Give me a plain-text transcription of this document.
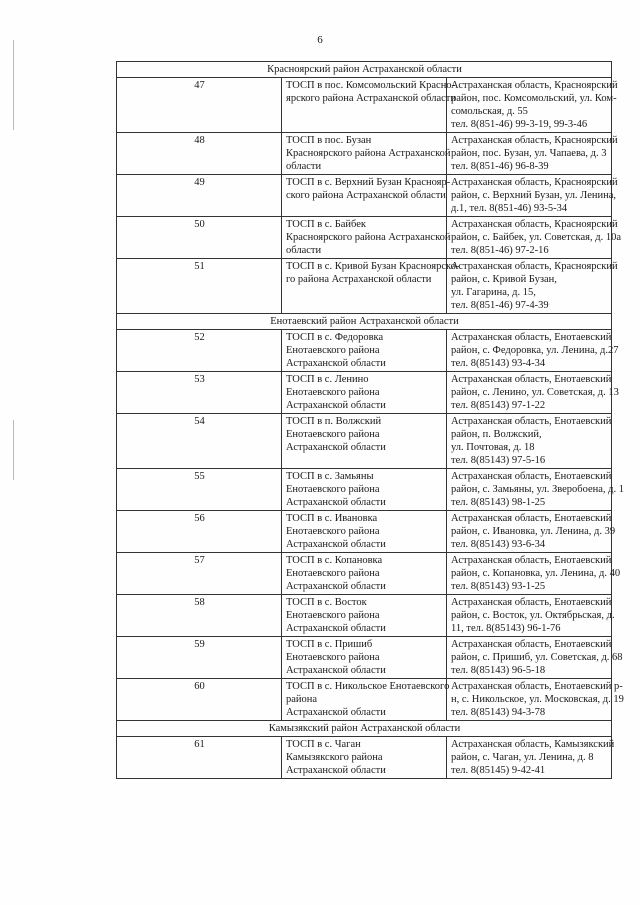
6
Красноярский район Астраханской области		
47	ТОСП в пос. Комсомольский Красно-
ярского района Астраханской области	Астраханская область, Красноярский
район, пос. Комсомольский, ул. Ком-
сомольская, д. 55
тел. 8(851-46) 99-3-19, 99-3-46

48	ТОСП в пос. Бузан
Красноярского района Астраханской
области	Астраханская область, Красноярский
район, пос. Бузан, ул. Чапаева, д. 3
тел. 8(851-46) 96-8-39

49	ТОСП в с. Верхний Бузан Краснояр-
ского района Астраханской области	Астраханская область, Красноярский
район, с. Верхний Бузан, ул. Ленина,
д.1, тел. 8(851-46) 93-5-34

50	ТОСП в с. Байбек
Красноярского района Астраханской
области	Астраханская область, Красноярский
район, с. Байбек, ул. Советская, д. 10а
тел. 8(851-46) 97-2-16

51	ТОСП в с. Кривой Бузан Красноярско-
го района Астраханской области	Астраханская область, Красноярский
район, с. Кривой Бузан,
ул. Гагарина, д. 15,
тел. 8(851-46) 97-4-39

Енотаевский район Астраханской области		
52	ТОСП в с. Федоровка
Енотаевского района
Астраханской области	Астраханская область, Енотаевский
район, с. Федоровка, ул. Ленина, д.27
тел. 8(85143) 93-4-34

53	ТОСП в с. Ленино
Енотаевского района
Астраханской области	Астраханская область, Енотаевский
район, с. Ленино, ул. Советская, д. 13
тел. 8(85143) 97-1-22

54	ТОСП в п. Волжский
Енотаевского района
Астраханской области	Астраханская область, Енотаевский
район, п. Волжский,
ул. Почтовая, д. 18
тел. 8(85143) 97-5-16

55	ТОСП в с. Замьяны
Енотаевского района
Астраханской области	Астраханская область, Енотаевский
район, с. Замьяны, ул. Зверобоена, д. 1
тел. 8(85143) 98-1-25

56	ТОСП в с. Ивановка
Енотаевского района
Астраханской области	Астраханская область, Енотаевский
район, с. Ивановка, ул. Ленина, д. 39
тел. 8(85143) 93-6-34

57	ТОСП в с. Копановка
Енотаевского района
Астраханской области	Астраханская область, Енотаевский
район, с. Копановка, ул. Ленина, д. 40
тел. 8(85143) 93-1-25

58	ТОСП в с. Восток
Енотаевского района
Астраханской области	Астраханская область, Енотаевский
район, с. Восток, ул. Октябрьская, д.
11, тел. 8(85143) 96-1-76

59	ТОСП в с. Пришиб
Енотаевского района
Астраханской области	Астраханская область, Енотаевский
район, с. Пришиб, ул. Советская, д. 68
тел. 8(85143) 96-5-18

60	ТОСП в с. Никольское Енотаевского
района
Астраханской области	Астраханская область, Енотаевский р-
н, с. Никольское, ул. Московская, д. 19
тел. 8(85143) 94-3-78

Камызякский район Астраханской области		
61	ТОСП в с. Чаган
Камызякского района
Астраханской области	Астраханская область, Камызякский
район, с. Чаган, ул. Ленина, д. 8
тел. 8(85145) 9-42-41
